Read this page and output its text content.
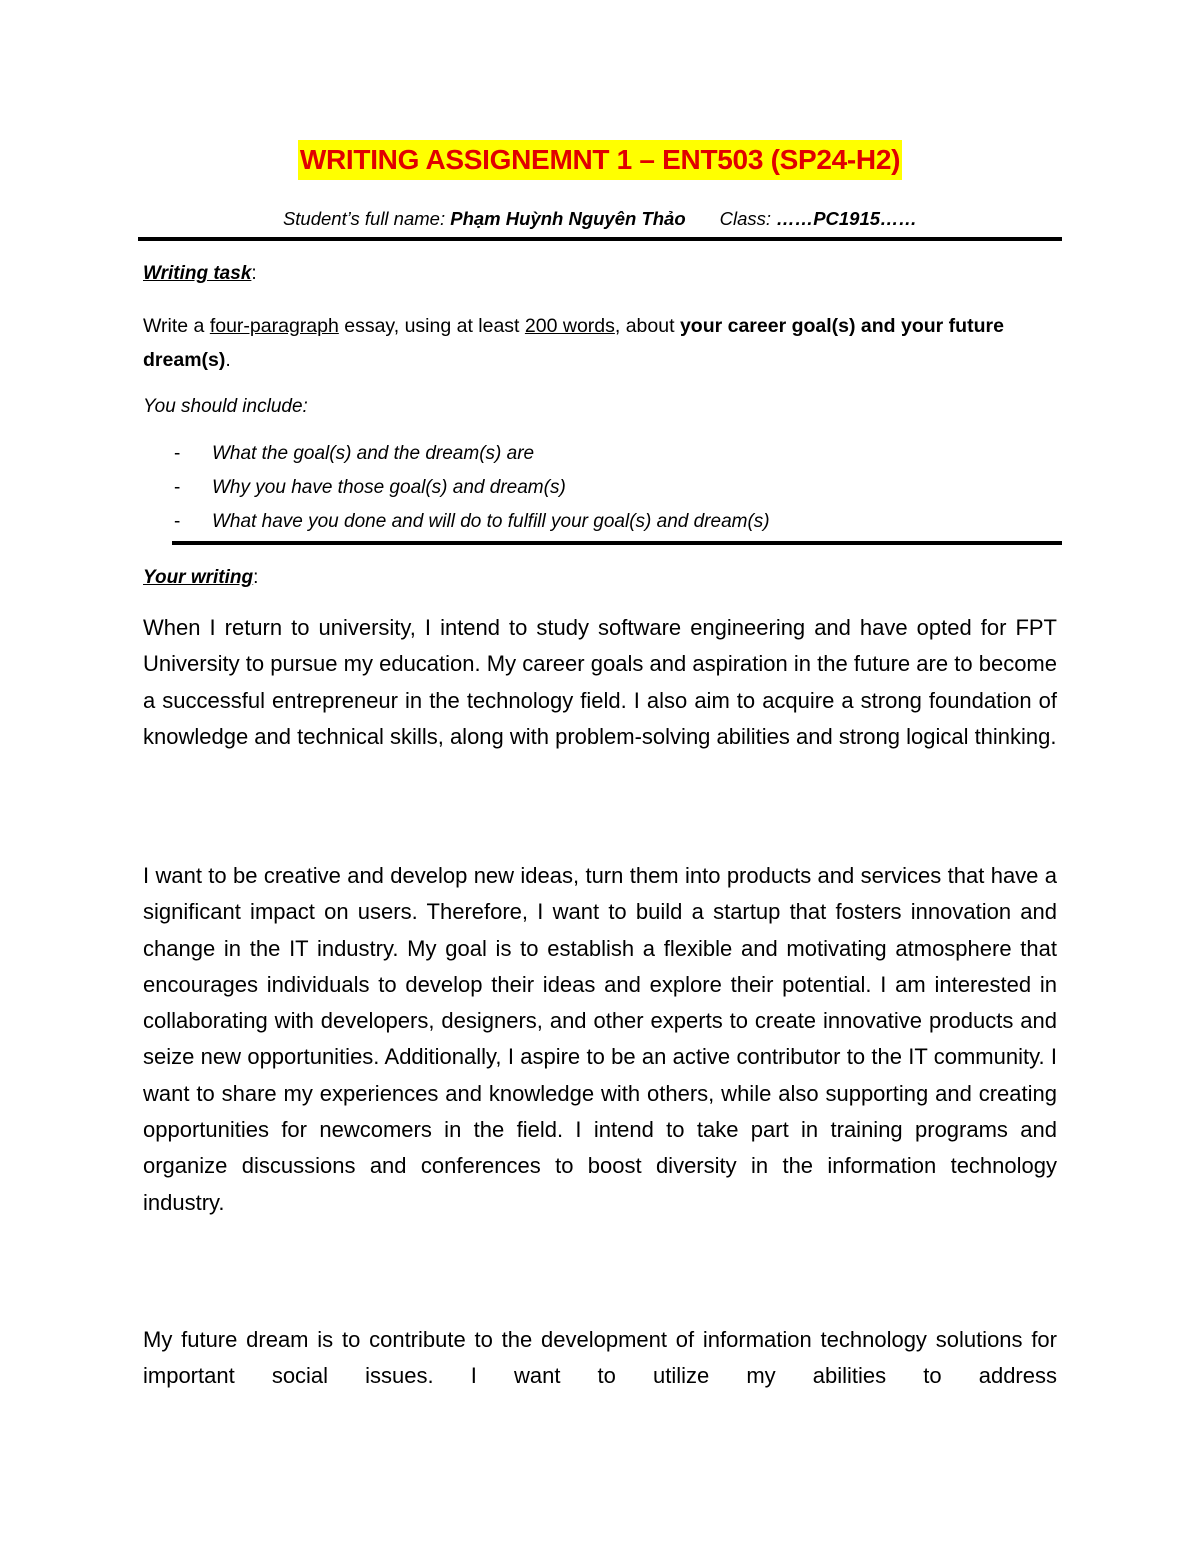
WRITING ASSIGNEMNT 1 – ENT503 (SP24-H2)
Student’s full name: Phạm Huỳnh Nguyên Thảo Class: ……PC1915……
Writing task:
Write a four-paragraph essay, using at least 200 words, about your career goal(s) and your future dream(s).
You should include:
- What the goal(s) and the dream(s) are
- Why you have those goal(s) and dream(s)
- What have you done and will do to fulfill your goal(s) and dream(s)
Your writing:

When I return to university, I intend to study software engineering and have opted for FPT University to pursue my education. My career goals and aspiration in the future are to become a successful entrepreneur in the technology field. I also aim to acquire a strong foundation of knowledge and technical skills, along with problem-solving abilities and strong logical thinking.

I want to be creative and develop new ideas, turn them into products and services that have a significant impact on users. Therefore, I want to build a startup that fosters innovation and change in the IT industry. My goal is to establish a flexible and motivating atmosphere that encourages individuals to develop their ideas and explore their potential. I am interested in collaborating with developers, designers, and other experts to create innovative products and seize new opportunities. Additionally, I aspire to be an active contributor to the IT community. I want to share my experiences and knowledge with others, while also supporting and creating opportunities for newcomers in the field. I intend to take part in training programs and organize discussions and conferences to boost diversity in the information technology industry.

My future dream is to contribute to the development of information technology solutions for important social issues. I want to utilize my abilities to address
